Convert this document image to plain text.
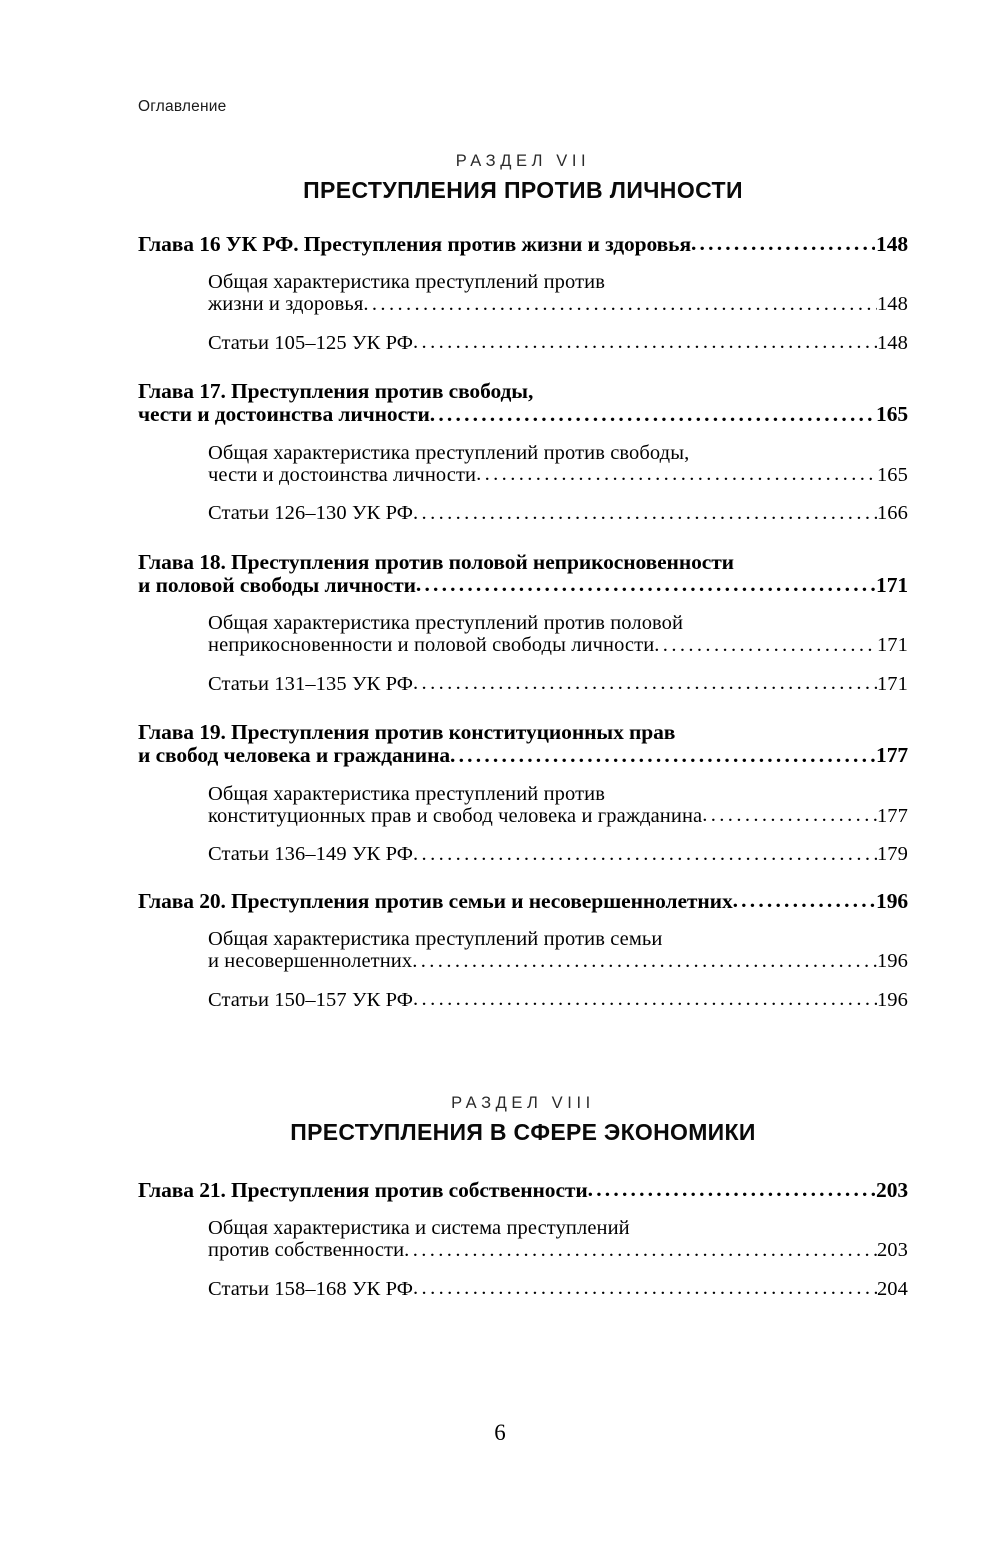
Оглавление
РАЗДЕЛ VII
ПРЕСТУПЛЕНИЯ ПРОТИВ ЛИЧНОСТИ
Глава 16 УК РФ. Преступления против жизни и здоровья .....	148
Общая характеристика преступлений против
жизни и здоровья .....	148
Статьи 105–125 УК РФ .....	148
Глава 17. Преступления против свободы,
чести и достоинства личности .....	165
Общая характеристика преступлений против свободы,
чести и достоинства личности .....	165
Статьи 126–130 УК РФ .....	166
Глава 18. Преступления против половой неприкосновенности
и половой свободы личности .....	171
Общая характеристика преступлений против половой
неприкосновенности и половой свободы личности .....	171
Статьи 131–135 УК РФ .....	171
Глава 19. Преступления против конституционных прав
и свобод человека и гражданина .....	177
Общая характеристика преступлений против
конституционных прав и свобод человека и гражданина .....	177
Статьи 136–149 УК РФ .....	179
Глава 20. Преступления против семьи и несовершеннолетних .....	196
Общая характеристика преступлений против семьи
и несовершеннолетних .....	196
Статьи 150–157 УК РФ .....	196
РАЗДЕЛ VIII
ПРЕСТУПЛЕНИЯ В СФЕРЕ ЭКОНОМИКИ
Глава 21. Преступления против собственности .....	203
Общая характеристика и система преступлений
против собственности .....	203
Статьи 158–168 УК РФ .....	204
6
